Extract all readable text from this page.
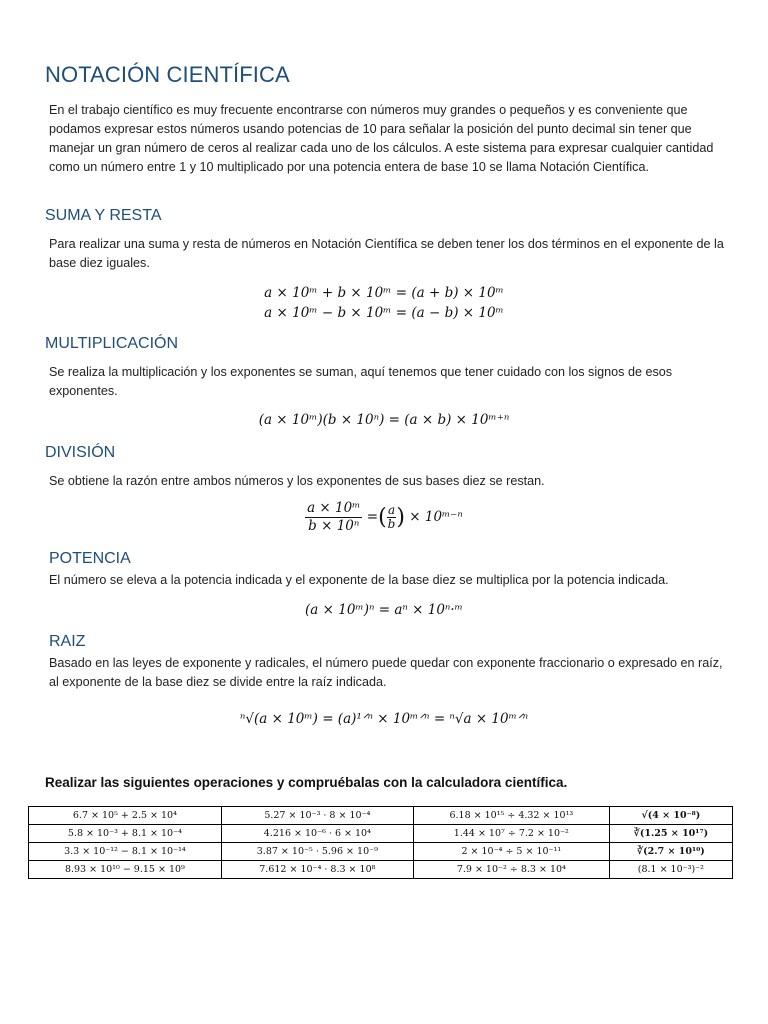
NOTACIÓN CIENTÍFICA
En el trabajo científico es muy frecuente encontrarse con números muy grandes o pequeños y es conveniente que podamos expresar estos números usando potencias de 10 para señalar la posición del punto decimal sin tener que manejar un gran número de ceros al realizar cada uno de los cálculos. A este sistema para expresar cualquier cantidad como un número entre 1 y 10 multiplicado por una potencia entera de base 10 se llama Notación Científica.
SUMA Y RESTA
Para realizar una suma y resta de números en Notación Científica se deben tener los dos términos en el exponente de la base diez iguales.
a × 10ᵐ + b × 10ᵐ = (a + b) × 10ᵐ
a × 10ᵐ − b × 10ᵐ = (a − b) × 10ᵐ
MULTIPLICACIÓN
Se realiza la multiplicación y los exponentes se suman, aquí tenemos que tener cuidado con los signos de esos exponentes.
(a × 10ᵐ)(b × 10ⁿ) = (a × b) × 10ᵐ⁺ⁿ
DIVISIÓN
Se obtiene la razón entre ambos números y los exponentes de sus bases diez se restan.
$\frac{\text{a × 10ᵐ}}{\text{b × 10ⁿ}}$ =( $\frac{a}{b}$ ) × 10ᵐ⁻ⁿ
POTENCIA
El número se eleva a la potencia indicada y el exponente de la base diez se multiplica por la potencia indicada.
(a × 10ᵐ)ⁿ = aⁿ × 10ⁿ·ᵐ
RAIZ
Basado en las leyes de exponente y radicales, el número puede quedar con exponente fraccionario o expresado en raíz, al exponente de la base diez se divide entre la raíz indicada.
ⁿ√(a × 10ᵐ) = (a)¹ᐟⁿ × 10ᵐᐟⁿ = ⁿ√a × 10ᵐᐟⁿ
Realizar las siguientes operaciones y compruébalas con la calculadora científica.
6.7 × 10⁵ + 2.5 × 10⁴	5.27 × 10⁻³ · 8 × 10⁻⁴	6.18 × 10¹⁵ ÷ 4.32 × 10¹³	√(4 × 10⁻⁸)
5.8 × 10⁻³ + 8.1 × 10⁻⁴	4.216 × 10⁻⁶ · 6 × 10⁴	1.44 × 10⁷ ÷ 7.2 × 10⁻²	∛(1.25 × 10¹⁷)
3.3 × 10⁻¹² − 8.1 × 10⁻¹⁴	3.87 × 10⁻⁵ · 5.96 × 10⁻⁹	2 × 10⁻⁴ ÷ 5 × 10⁻¹¹	∛(2.7 × 10¹⁰)
8.93 × 10¹⁰ − 9.15 × 10⁹	7.612 × 10⁻⁴ · 8.3 × 10⁸	7.9 × 10⁻² ÷ 8.3 × 10⁴	(8.1 × 10⁻³)⁻²
